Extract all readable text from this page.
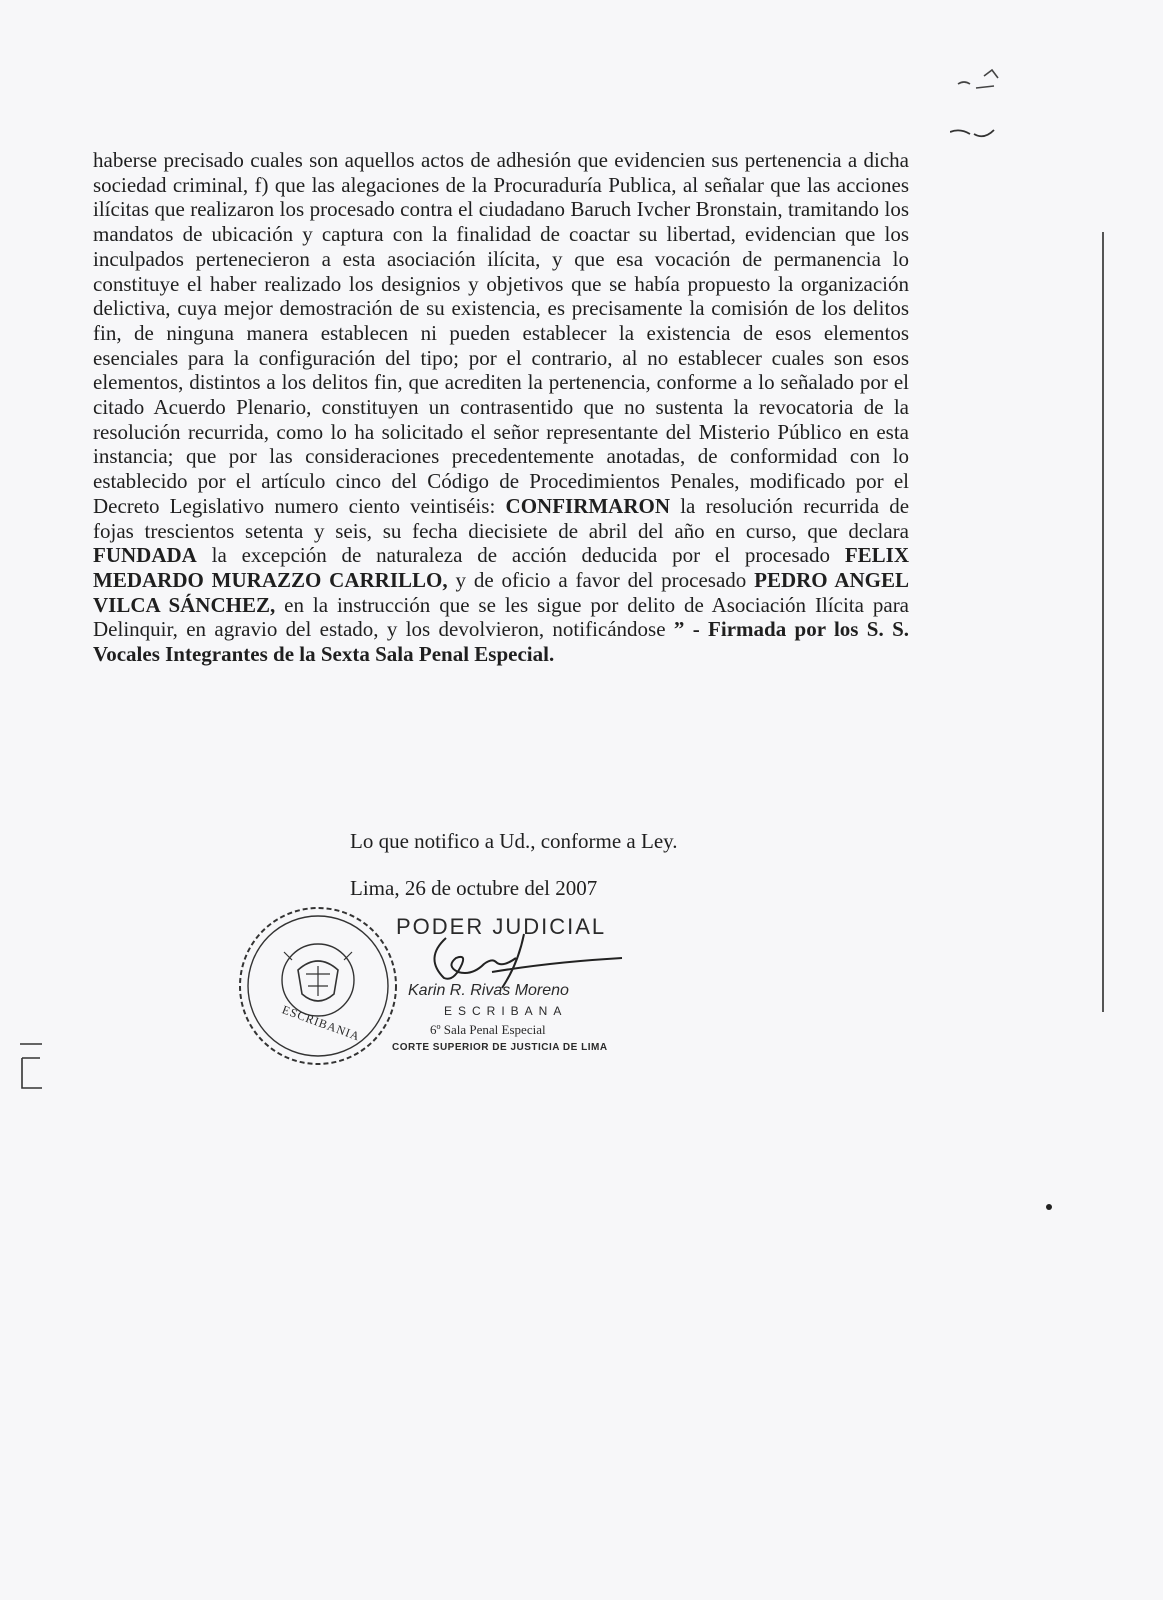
haberse precisado cuales son aquellos actos de adhesión que evidencien sus pertenencia a dicha sociedad criminal, f) que las alegaciones de la Procuraduría Publica, al señalar que las acciones ilícitas que realizaron los procesado contra el ciudadano Baruch Ivcher Bronstain, tramitando los mandatos de ubicación y captura con la finalidad de coactar su libertad, evidencian que los inculpados pertenecieron a esta asociación ilícita, y que esa vocación de permanencia lo constituye el haber realizado los designios y objetivos que se había propuesto la organización delictiva, cuya mejor demostración de su existencia, es precisamente la comisión de los delitos fin, de ninguna manera establecen ni pueden establecer la existencia de esos elementos esenciales para la configuración del tipo; por el contrario, al no establecer cuales son esos elementos, distintos a los delitos fin, que acrediten la pertenencia, conforme a lo señalado por el citado Acuerdo Plenario, constituyen un contrasentido que no sustenta la revocatoria de la resolución recurrida, como lo ha solicitado el señor representante del Misterio Público en esta instancia; que por las consideraciones precedentemente anotadas, de conformidad con lo establecido por el artículo cinco del Código de Procedimientos Penales, modificado por el Decreto Legislativo numero ciento veintiséis: CONFIRMARON la resolución recurrida de fojas trescientos setenta y seis, su fecha diecisiete de abril del año en curso, que declara FUNDADA la excepción de naturaleza de acción deducida por el procesado FELIX MEDARDO MURAZZO CARRILLO, y de oficio a favor del procesado PEDRO ANGEL VILCA SÁNCHEZ, en la instrucción que se les sigue por delito de Asociación Ilícita para Delinquir, en agravio del estado, y los devolvieron, notificándose ” - Firmada por los S. S. Vocales Integrantes de la Sexta Sala Penal Especial.

Lo que notifico a Ud., conforme a Ley.
Lima, 26 de octubre del 2007
ESCRIBANIA
PODER JUDICIAL
Karin R. Rivas Moreno
ESCRIBANA
6º Sala Penal Especial
CORTE SUPERIOR DE JUSTICIA DE LIMA
